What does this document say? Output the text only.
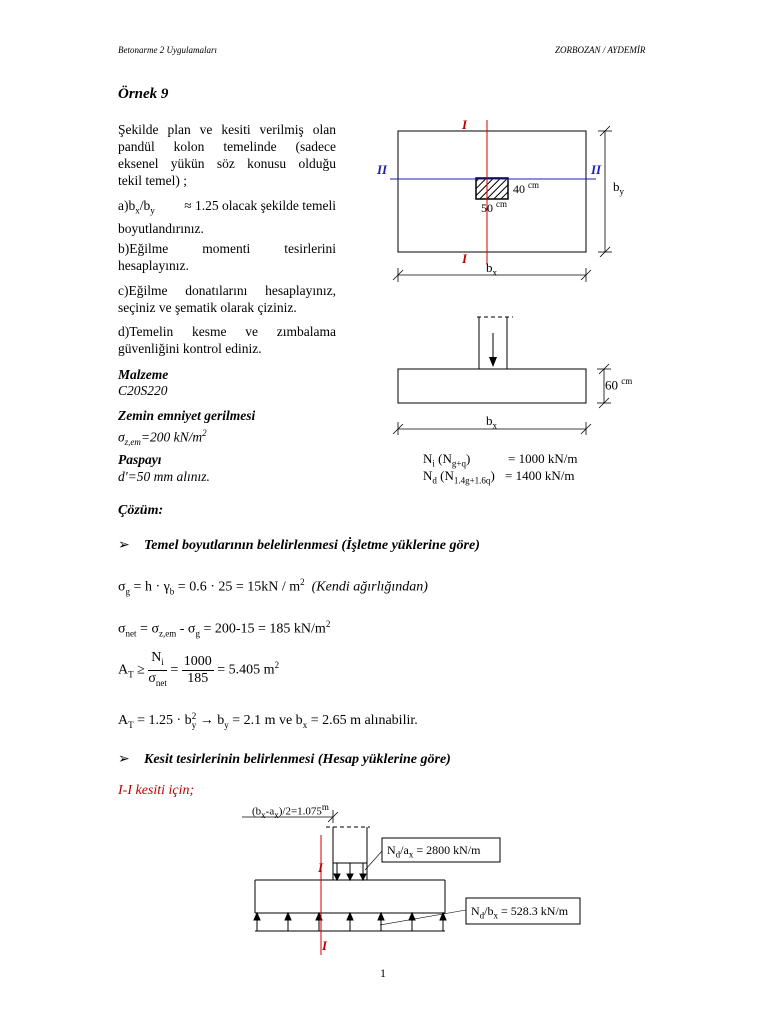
Betonarme 2 Uygulamaları	ZORBOZAN / AYDEMİR
Örnek 9
Şekilde plan ve kesiti verilmiş olan
pandül kolon temelinde (sadece
eksenel yükün söz konusu olduğu
tekil temel) ;
$a)b_x/b_y \approx 1.25$ olacak şekilde temeli
boyutlandırınız.
b)Eğilme	momenti	tesirlerini
hesaplayınız.
c)Eğilme donatılarını hesaplayınız,
seçiniz ve şematik olarak çiziniz.
d)Temelin kesme ve zımbalama
güvenliğini kontrol ediniz.
Malzeme
C20S220
Zemin emniyet gerilmesi
$\sigma_{z,em}=200$ $kN/m^2$
Paspayı
d'=50 mm alınız.
I
I
II	II
40 $^{cm}$
50 $^{cm}$
$b_y$
$b_x$
60 $^{cm}$
$b_x$
$N_i$ $(N_{g+q})$	= 1000 kN/m
$N_d$ $(N_{1.4g+1.6q}) = 1400$ kN/m
Çözüm:
➢ Temel boyutlarının belelirlenmesi (İşletme yüklerine göre)
$\sigma_g = h \cdot \gamma_b = 0.6 \cdot 25 = 15kN / m^2$ (Kendi ağırlığından)
$\sigma_{net} = \sigma_{z,em} - \sigma_g = 200-15 = 185$ $kN/m^2$
$A_T \ge \frac{N_i}{\sigma_{net}} = \frac{1000}{185} = 5.405$ $m^2$
$A_T = 1.25 \cdot b$ 2
$y \to b_y = 2.1$ m ve $b_x = 2.65$ m alınabilir.
➢ Kesit tesirlerinin belirlenmesi (Hesap yüklerine göre)
I-I kesiti için;
$(b_x-a_x)/2=1.075^m$
$N_d/a_x = 2800$ kN/m
$N_d/b_x = 528.3$ kN/m
I
I
1
